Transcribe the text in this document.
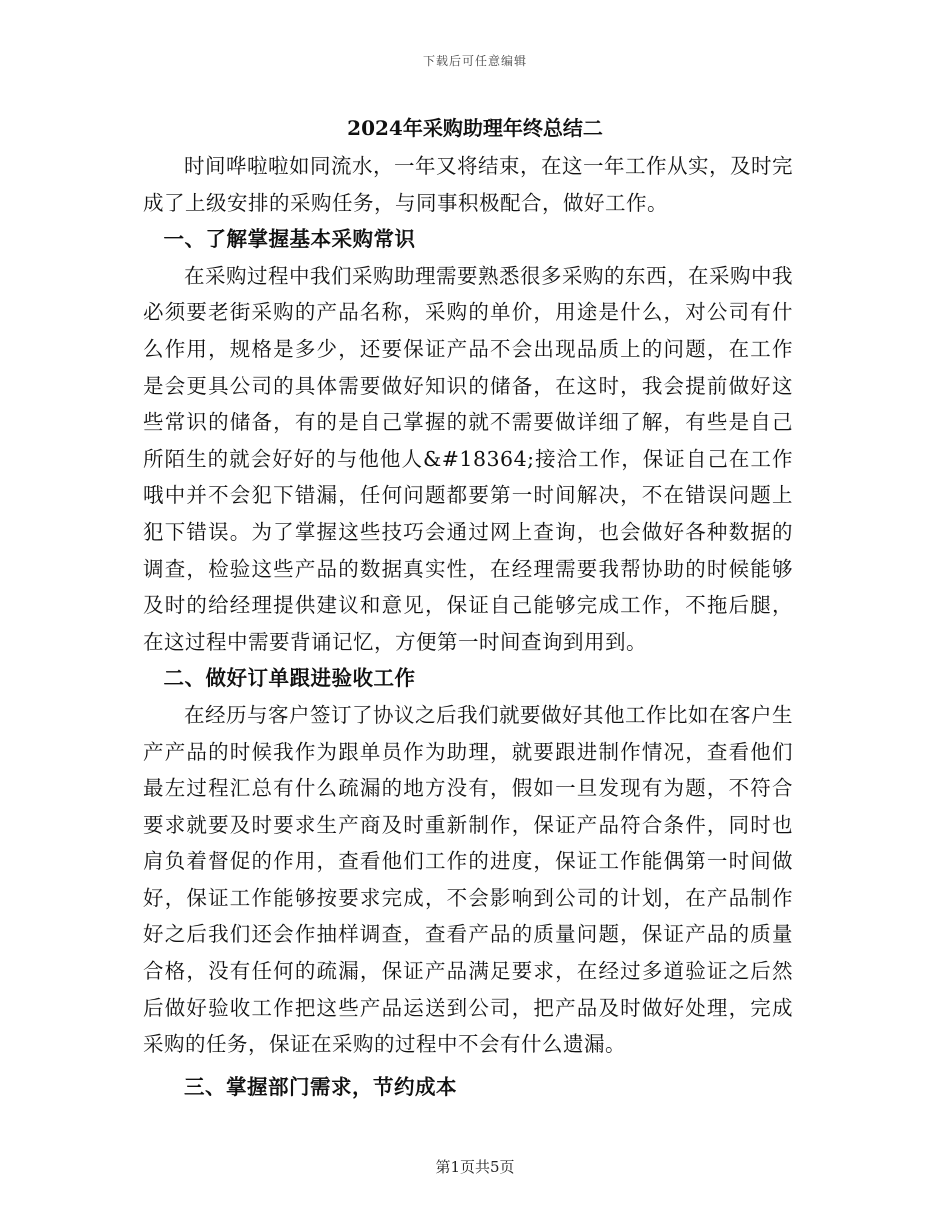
下载后可任意编辑
2024年采购助理年终总结二

时间哗啦啦如同流水，一年又将结束，在这一年工作从实，及时完成了上级安排的采购任务，与同事积极配合，做好工作。

一、了解掌握基本采购常识

在采购过程中我们采购助理需要熟悉很多采购的东西，在采购中我必须要老街采购的产品名称，采购的单价，用途是什么，对公司有什么作用，规格是多少，还要保证产品不会出现品质上的问题，在工作是会更具公司的具体需要做好知识的储备，在这时，我会提前做好这些常识的储备，有的是自己掌握的就不需要做详细了解，有些是自己所陌生的就会好好的与他他人&#18364;接洽工作，保证自己在工作哦中并不会犯下错漏，任何问题都要第一时间解决，不在错误问题上犯下错误。为了掌握这些技巧会通过网上查询，也会做好各种数据的调查，检验这些产品的数据真实性，在经理需要我帮协助的时候能够及时的给经理提供建议和意见，保证自己能够完成工作，不拖后腿，在这过程中需要背诵记忆，方便第一时间查询到用到。

二、做好订单跟进验收工作

在经历与客户签订了协议之后我们就要做好其他工作比如在客户生产产品的时候我作为跟单员作为助理，就要跟进制作情况，查看他们最左过程汇总有什么疏漏的地方没有，假如一旦发现有为题，不符合要求就要及时要求生产商及时重新制作，保证产品符合条件，同时也肩负着督促的作用，查看他们工作的进度，保证工作能偶第一时间做好，保证工作能够按要求完成，不会影响到公司的计划，在产品制作好之后我们还会作抽样调查，查看产品的质量问题，保证产品的质量合格，没有任何的疏漏，保证产品满足要求，在经过多道验证之后然后做好验收工作把这些产品运送到公司，把产品及时做好处理，完成采购的任务，保证在采购的过程中不会有什么遗漏。

三、掌握部门需求，节约成本

第1页共5页
